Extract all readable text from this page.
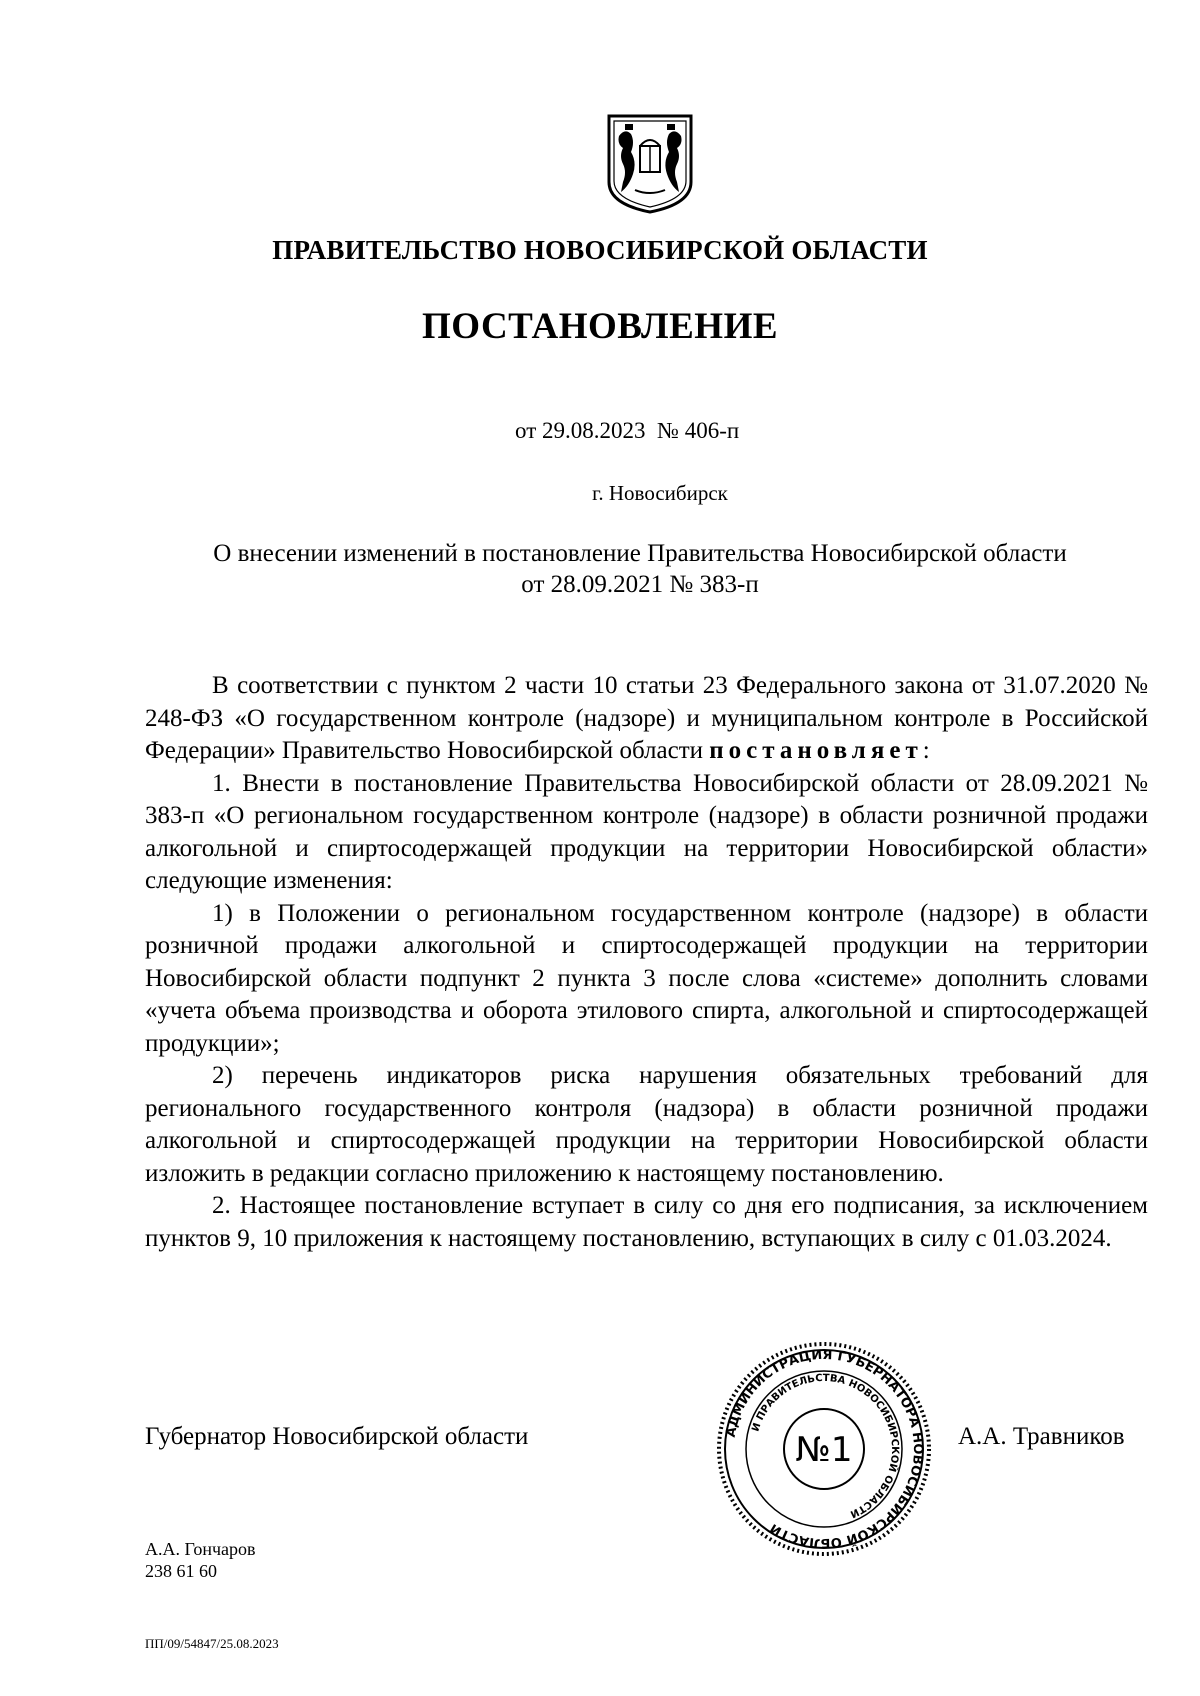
ПРАВИТЕЛЬСТВО НОВОСИБИРСКОЙ ОБЛАСТИ
ПОСТАНОВЛЕНИЕ
от 29.08.2023  № 406-п
г. Новосибирск
О внесении изменений в постановление Правительства Новосибирской области
от 28.09.2021 № 383-п

В соответствии с пунктом 2 части 10 статьи 23 Федерального закона от 31.07.2020 № 248-ФЗ «О государственном контроле (надзоре) и муниципальном контроле в Российской Федерации» Правительство Новосибирской области постановляет:

1. Внести в постановление Правительства Новосибирской области от 28.09.2021 № 383-п «О региональном государственном контроле (надзоре) в области розничной продажи алкогольной и спиртосодержащей продукции на территории Новосибирской области» следующие изменения:

1) в Положении о региональном государственном контроле (надзоре) в области розничной продажи алкогольной и спиртосодержащей продукции на территории Новосибирской области подпункт 2 пункта 3 после слова «системе» дополнить словами «учета объема производства и оборота этилового спирта, алкогольной и спиртосодержащей продукции»;

2) перечень индикаторов риска нарушения обязательных требований для регионального государственного контроля (надзора) в области розничной продажи алкогольной и спиртосодержащей продукции на территории Новосибирской области изложить в редакции согласно приложению к настоящему постановлению.

2. Настоящее постановление вступает в силу со дня его подписания, за исключением пунктов 9, 10 приложения к настоящему постановлению, вступающих в силу с 01.03.2024.

Губернатор Новосибирской области	АДМИНИСТРАЦИЯ ГУБЕРНАТОРА НОВОСИБИРСКОЙ ОБЛАСТИ
И ПРАВИТЕЛЬСТВА НОВОСИБИРСКОЙ ОБЛАСТИ
№1	А.А. Травников
А.А. Гончаров
238 61 60
ПП/09/54847/25.08.2023
